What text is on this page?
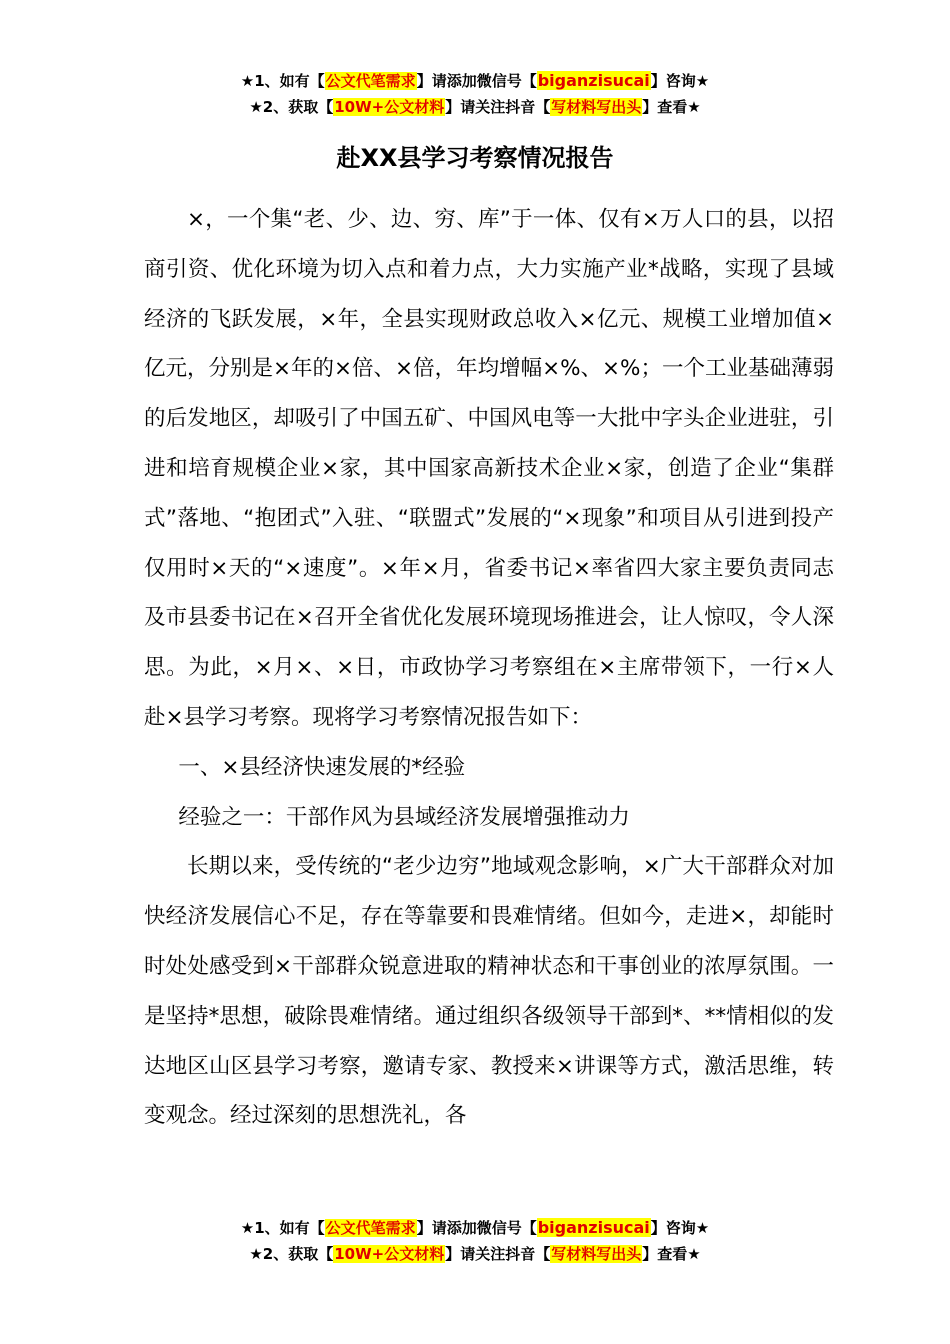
★1、如有【公文代笔需求】请添加微信号【biganzisucai】咨询★
★2、获取【10W+公文材料】请关注抖音【写材料写出头】查看★
赴XX县学习考察情况报告

×，一个集“老、少、边、穷、库”于一体、仅有×万人口的县，以招商引资、优化环境为切入点和着力点，大力实施产业*战略，实现了县域经济的飞跃发展，×年，全县实现财政总收入×亿元、规模工业增加值×亿元，分别是×年的×倍、×倍，年均增幅×%、×%；一个工业基础薄弱的后发地区，却吸引了中国五矿、中国风电等一大批中字头企业进驻，引进和培育规模企业×家，其中国家高新技术企业×家，创造了企业“集群式”落地、“抱团式”入驻、“联盟式”发展的“×现象”和项目从引进到投产仅用时×天的“×速度”。×年×月，省委书记×率省四大家主要负责同志及市县委书记在×召开全省优化发展环境现场推进会，让人惊叹，令人深思。为此，×月×、×日，市政协学习考察组在×主席带领下，一行×人赴×县学习考察。现将学习考察情况报告如下：

一、×县经济快速发展的*经验

经验之一：干部作风为县域经济发展增强推动力

长期以来，受传统的“老少边穷”地域观念影响，×广大干部群众对加快经济发展信心不足，存在等靠要和畏难情绪。但如今，走进×，却能时时处处感受到×干部群众锐意进取的精神状态和干事创业的浓厚氛围。一是坚持*思想，破除畏难情绪。通过组织各级领导干部到*、**情相似的发达地区山区县学习考察，邀请专家、教授来×讲课等方式，激活思维，转变观念。经过深刻的思想洗礼，各

★1、如有【公文代笔需求】请添加微信号【biganzisucai】咨询★
★2、获取【10W+公文材料】请关注抖音【写材料写出头】查看★
